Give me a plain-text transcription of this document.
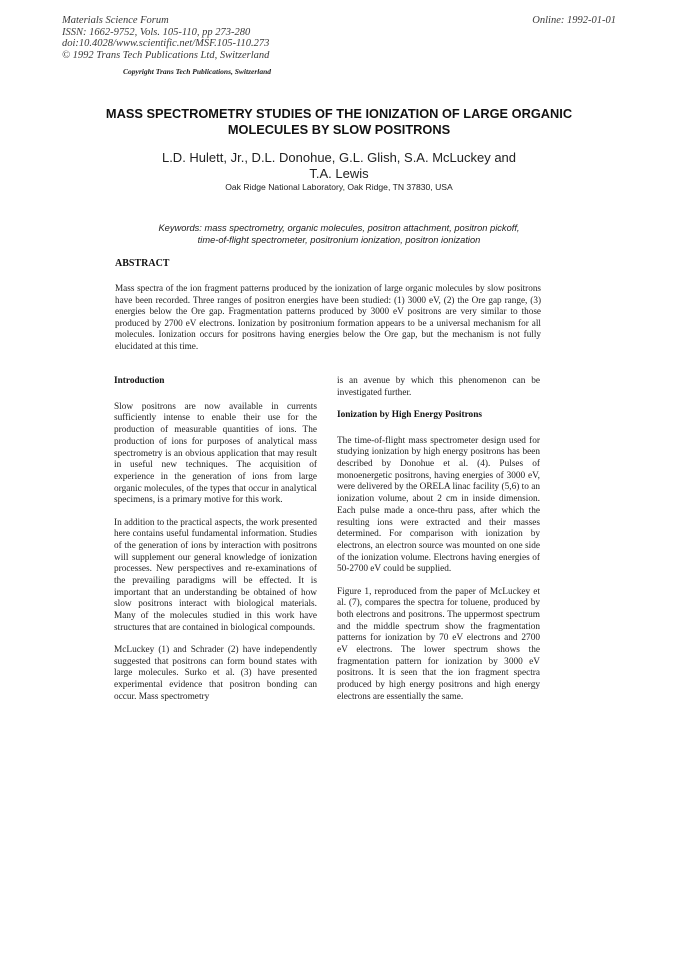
Materials Science Forum
ISSN: 1662-9752, Vols. 105-110, pp 273-280
doi:10.4028/www.scientific.net/MSF.105-110.273
© 1992 Trans Tech Publications Ltd, Switzerland
Online: 1992-01-01
Copyright Trans Tech Publications, Switzerland
MASS SPECTROMETRY STUDIES OF THE IONIZATION OF LARGE ORGANIC MOLECULES BY SLOW POSITRONS
L.D. Hulett, Jr., D.L. Donohue, G.L. Glish, S.A. McLuckey and
T.A. Lewis
Oak Ridge National Laboratory, Oak Ridge, TN 37830, USA
Keywords: mass spectrometry, organic molecules, positron attachment, positron pickoff,
time-of-flight spectrometer, positronium ionization, positron ionization
ABSTRACT
Mass spectra of the ion fragment patterns produced by the ionization of large organic molecules by slow positrons have been recorded. Three ranges of positron energies have been studied: (1) 3000 eV, (2) the Ore gap range, (3) energies below the Ore gap. Fragmentation patterns produced by 3000 eV positrons are very similar to those produced by 2700 eV electrons. Ionization by positronium formation appears to be a universal mechanism for all molecules. Ionization occurs for positrons having energies below the Ore gap, but the mechanism is not fully elucidated at this time.
Introduction

Slow positrons are now available in currents sufficiently intense to enable their use for the production of measurable quantities of ions. The production of ions for purposes of analytical mass spectrometry is an obvious application that may result in useful new techniques. The acquisition of experience in the generation of ions from large organic molecules, of the types that occur in analytical specimens, is a primary motive for this work.

In addition to the practical aspects, the work presented here contains useful fundamental information. Studies of the generation of ions by interaction with positrons will supplement our general knowledge of ionization processes. New perspectives and re-examinations of the prevailing paradigms will be effected. It is important that an understanding be obtained of how slow positrons interact with biological materials. Many of the molecules studied in this work have structures that are contained in biological compounds.

McLuckey (1) and Schrader (2) have independently suggested that positrons can form bound states with large molecules. Surko et al. (3) have presented experimental evidence that positron bonding can occur. Mass spectrometry

is an avenue by which this phenomenon can be investigated further.

Ionization by High Energy Positrons

The time-of-flight mass spectrometer design used for studying ionization by high energy positrons has been described by Donohue et al. (4). Pulses of monoenergetic positrons, having energies of 3000 eV, were delivered by the ORELA linac facility (5,6) to an ionization volume, about 2 cm in inside dimension. Each pulse made a once-thru pass, after which the resulting ions were extracted and their masses determined. For comparison with ionization by electrons, an electron source was mounted on one side of the ionization volume. Electrons having energies of 50-2700 eV could be supplied.

Figure 1, reproduced from the paper of McLuckey et al. (7), compares the spectra for toluene, produced by both electrons and positrons. The uppermost spectrum and the middle spectrum show the fragmentation patterns for ionization by 70 eV electrons and 2700 eV electrons. The lower spectrum shows the fragmentation pattern for ionization by 3000 eV positrons. It is seen that the ion fragment spectra produced by high energy positrons and high energy electrons are essentially the same.
